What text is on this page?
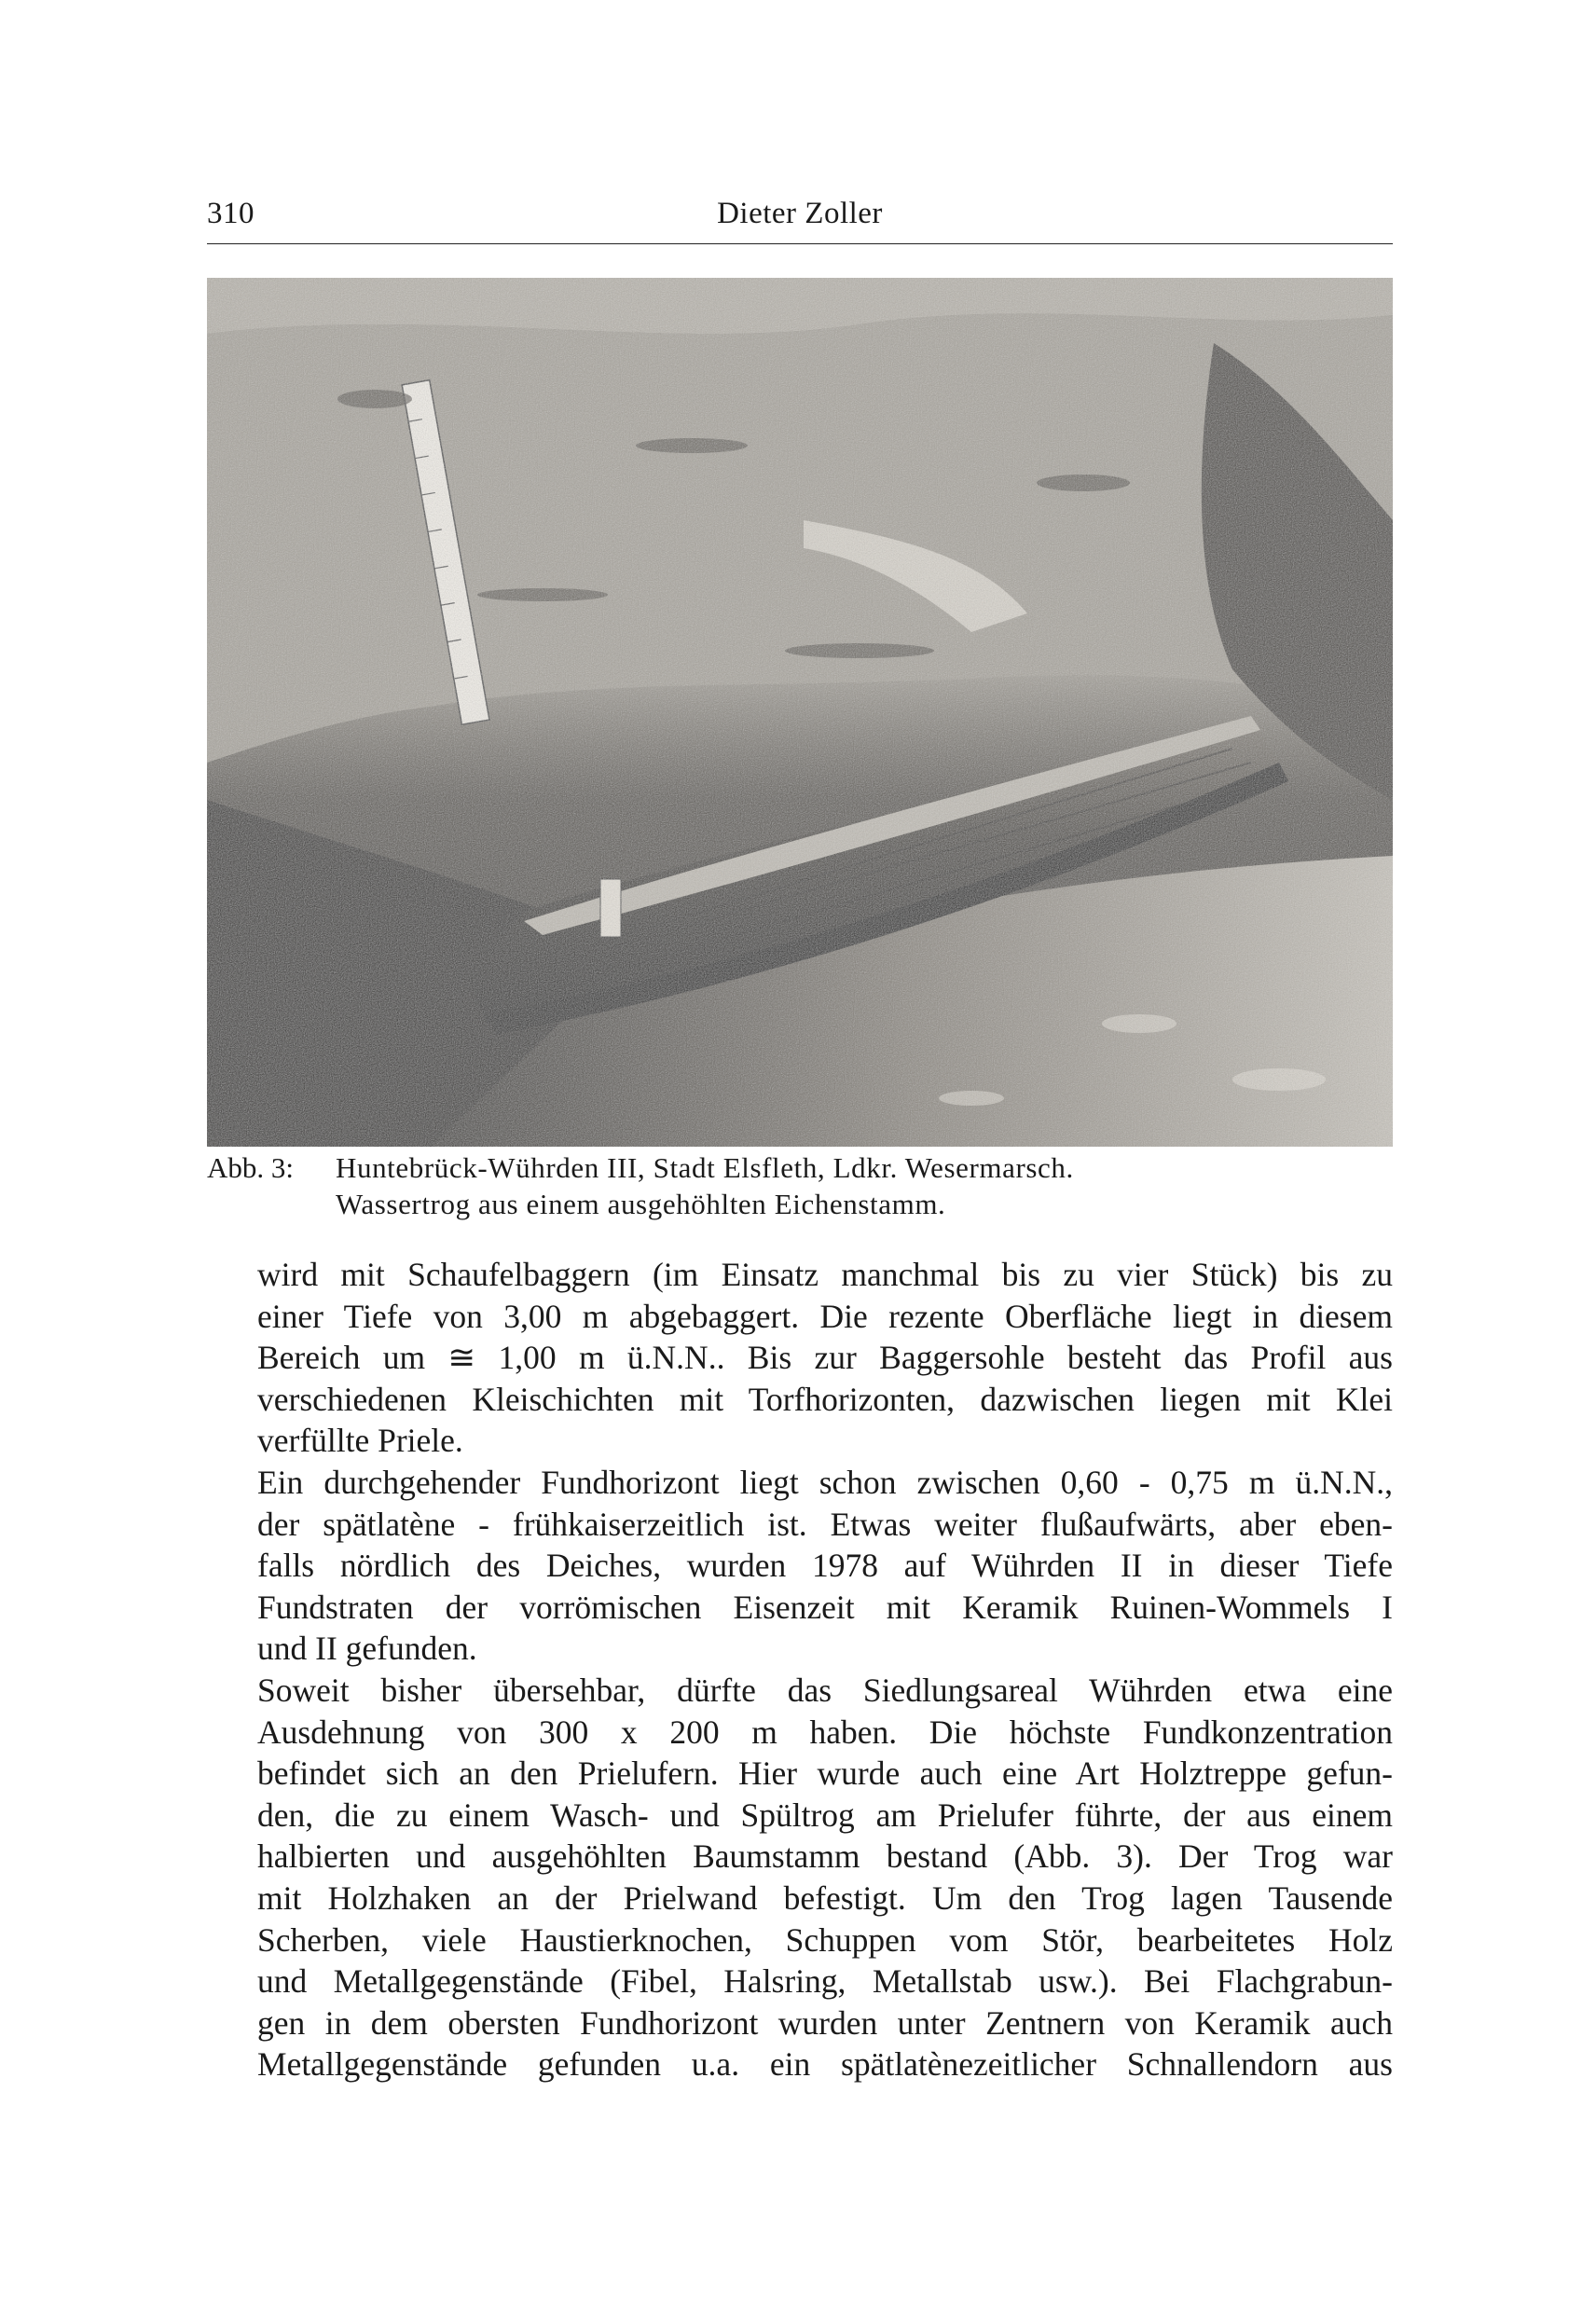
310	Dieter Zoller
Abb. 3: Huntebrück-Wührden III, Stadt Elsfleth, Ldkr. Wesermarsch.
Wassertrog aus einem ausgehöhlten Eichenstamm.

wird mit Schaufelbaggern (im Einsatz manchmal bis zu vier Stück) bis zu
einer Tiefe von 3,00 m abgebaggert. Die rezente Oberfläche liegt in diesem
Bereich um ≅ 1,00 m ü.N.N.. Bis zur Baggersohle besteht das Profil aus
verschiedenen Kleischichten mit Torfhorizonten, dazwischen liegen mit Klei
verfüllte Priele.

Ein durchgehender Fundhorizont liegt schon zwischen 0,60 - 0,75 m ü.N.N.,
der spätlatène - frühkaiserzeitlich ist. Etwas weiter flußaufwärts, aber eben-
falls nördlich des Deiches, wurden 1978 auf Wührden II in dieser Tiefe
Fundstraten der vorrömischen Eisenzeit mit Keramik Ruinen-Wommels I
und II gefunden.

Soweit bisher übersehbar, dürfte das Siedlungsareal Wührden etwa eine
Ausdehnung von 300 x 200 m haben. Die höchste Fundkonzentration
befindet sich an den Prielufern. Hier wurde auch eine Art Holztreppe gefun-
den, die zu einem Wasch- und Spültrog am Prielufer führte, der aus einem
halbierten und ausgehöhlten Baumstamm bestand (Abb. 3). Der Trog war
mit Holzhaken an der Prielwand befestigt. Um den Trog lagen Tausende
Scherben, viele Haustierknochen, Schuppen vom Stör, bearbeitetes Holz
und Metallgegenstände (Fibel, Halsring, Metallstab usw.). Bei Flachgrabun-
gen in dem obersten Fundhorizont wurden unter Zentnern von Keramik auch
Metallgegenstände gefunden u.a. ein spätlatènezeitlicher Schnallendorn aus
